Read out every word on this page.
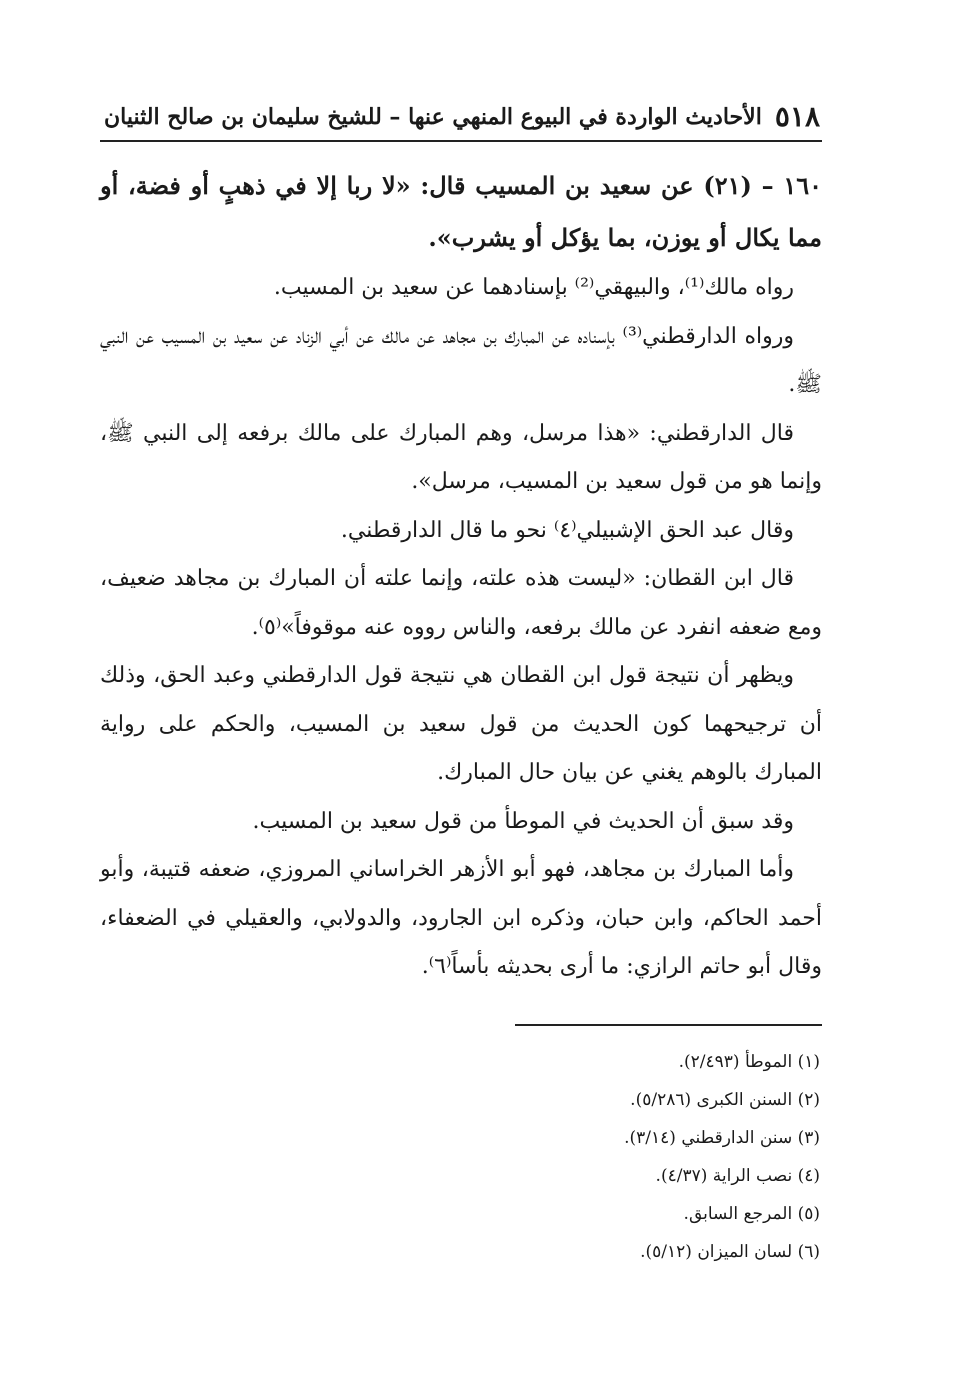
٥١٨
الأحاديث الواردة في البيوع المنهي عنها – للشيخ سليمان بن صالح الثنيان

١٦٠ – (٢١) عن سعيد بن المسيب قال: «لا ربا إلا في ذهبٍ أو فضة، أو مما يكال أو يوزن، بما يؤكل أو يشرب».

رواه مالك⁽¹⁾، والبيهقي⁽²⁾ بإسنادهما عن سعيد بن المسيب.

ورواه الدارقطني⁽³⁾ بإسناده عن المبارك بن مجاهد عن مالك عن أبي الزناد عن سعيد بن المسيب عن النبي ﷺ.

قال الدارقطني: «هذا مرسل، وهم المبارك على مالك برفعه إلى النبي ﷺ، وإنما هو من قول سعيد بن المسيب، مرسل».

وقال عبد الحق الإشبيلي⁽٤⁾ نحو ما قال الدارقطني.

قال ابن القطان: «ليست هذه علته، وإنما علته أن المبارك بن مجاهد ضعيف، ومع ضعفه انفرد عن مالك برفعه، والناس رووه عنه موقوفاً»⁽٥⁾.

ويظهر أن نتيجة قول ابن القطان هي نتيجة قول الدارقطني وعبد الحق، وذلك أن ترجيحهما كون الحديث من قول سعيد بن المسيب، والحكم على رواية المبارك بالوهم يغني عن بيان حال المبارك.

وقد سبق أن الحديث في الموطأ من قول سعيد بن المسيب.

وأما المبارك بن مجاهد، فهو أبو الأزهر الخراساني المروزي، ضعفه قتيبة، وأبو أحمد الحاكم، وابن حبان، وذكره ابن الجارود، والدولابي، والعقيلي في الضعفاء، وقال أبو حاتم الرازي: ما أرى بحديثه بأساً⁽٦⁾.

(١) الموطأ (٢/٤٩٣).
(٢) السنن الكبرى (٥/٢٨٦).
(٣) سنن الدارقطني (٣/١٤).
(٤) نصب الراية (٤/٣٧).
(٥) المرجع السابق.
(٦) لسان الميزان (٥/١٢).
